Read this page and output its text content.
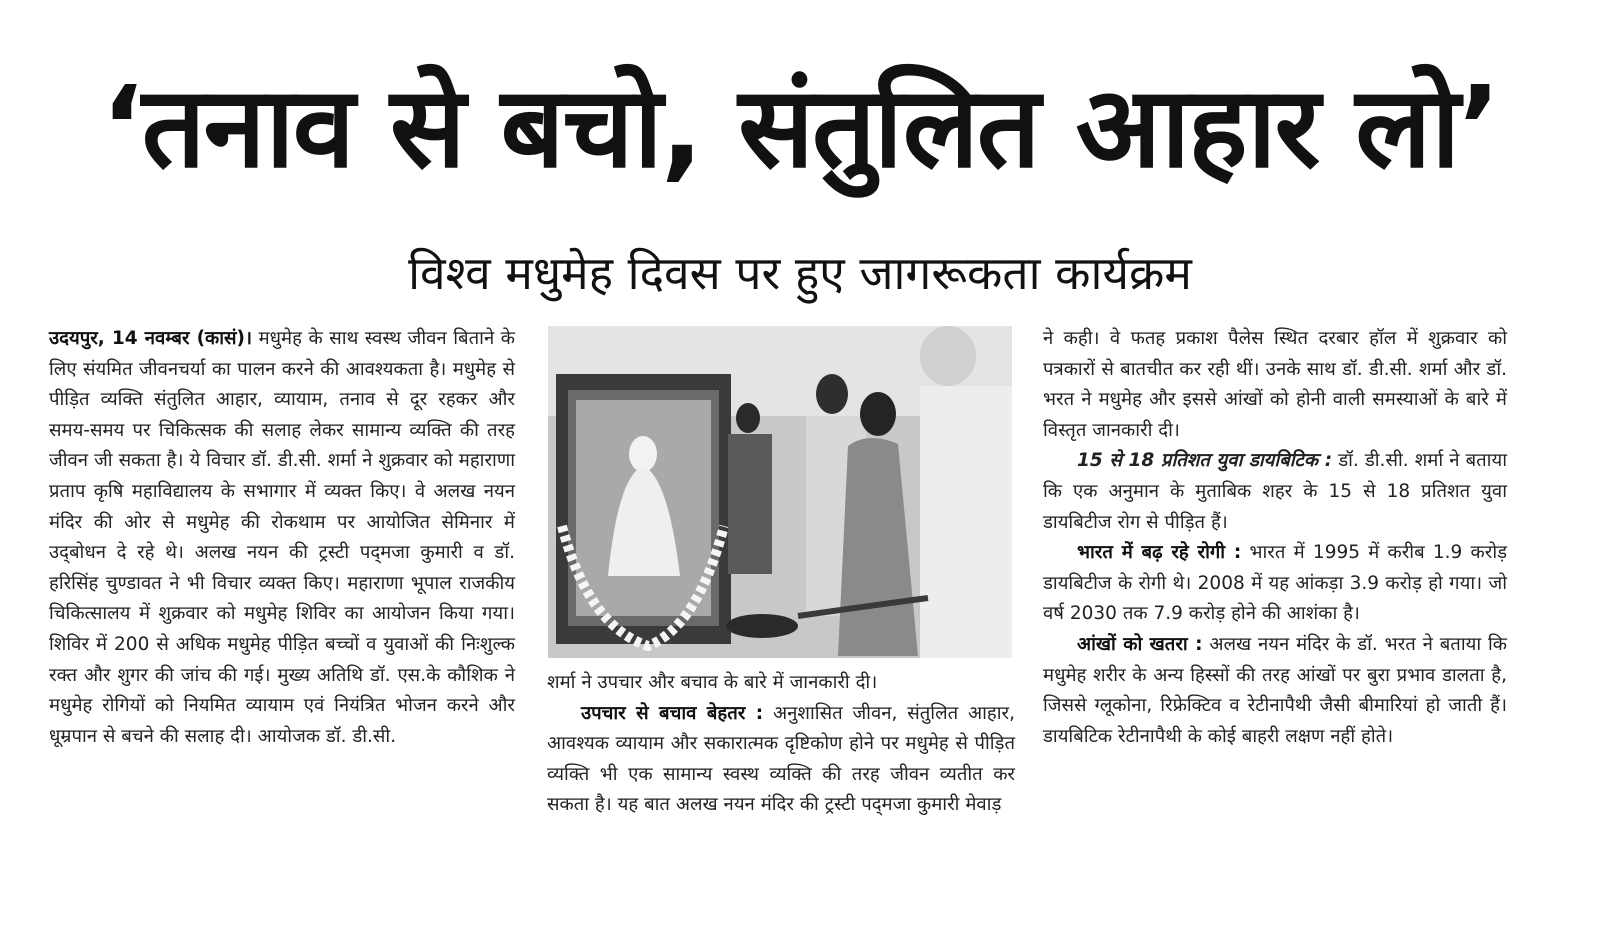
‘तनाव से बचो, संतुलित आहार लो’
विश्व मधुमेह दिवस पर हुए जागरूकता कार्यक्रम

उदयपुर, 14 नवम्बर (कासं)। मधुमेह के साथ स्वस्थ जीवन बिताने के लिए संयमित जीवनचर्या का पालन करने की आवश्यकता है। मधुमेह से पीड़ित व्यक्ति संतुलित आहार, व्यायाम, तनाव से दूर रहकर और समय-समय पर चिकित्सक की सलाह लेकर सामान्य व्यक्ति की तरह जीवन जी सकता है। ये विचार डॉ. डी.सी. शर्मा ने शुक्रवार को महाराणा प्रताप कृषि महाविद्यालय के सभागार में व्यक्त किए। वे अलख नयन मंदिर की ओर से मधुमेह की रोकथाम पर आयोजित सेमिनार में उद्‌बोधन दे रहे थे। अलख नयन की ट्रस्टी पद्‌मजा कुमारी व डॉ. हरिसिंह चुण्डावत ने भी विचार व्यक्त किए। महाराणा भूपाल राजकीय चिकित्सालय में शुक्रवार को मधुमेह शिविर का आयोजन किया गया। शिविर में 200 से अधिक मधुमेह पीड़ित बच्चों व युवाओं की निःशुल्क रक्त और शुगर की जांच की गई। मुख्य अतिथि डॉ. एस.के कौशिक ने मधुमेह रोगियों को नियमित व्यायाम एवं नियंत्रित भोजन करने और धूम्रपान से बचने की सलाह दी। आयोजक डॉ. डी.सी.

शर्मा ने उपचार और बचाव के बारे में जानकारी दी।

उपचार से बचाव बेहतर : अनुशासित जीवन, संतुलित आहार, आवश्यक व्यायाम और सकारात्मक दृष्टिकोण होने पर मधुमेह से पीड़ित व्यक्ति भी एक सामान्य स्वस्थ व्यक्ति की तरह जीवन व्यतीत कर सकता है। यह बात अलख नयन मंदिर की ट्रस्टी पद्‌मजा कुमारी मेवाड़

ने कही। वे फतह प्रकाश पैलेस स्थित दरबार हॉल में शुक्रवार को पत्रकारों से बातचीत कर रही थीं। उनके साथ डॉ. डी.सी. शर्मा और डॉ. भरत ने मधुमेह और इससे आंखों को होनी वाली समस्याओं के बारे में विस्तृत जानकारी दी।

15 से 18 प्रतिशत युवा डायबिटिक : डॉ. डी.सी. शर्मा ने बताया कि एक अनुमान के मुताबिक शहर के 15 से 18 प्रतिशत युवा डायबिटीज रोग से पीड़ित हैं।

भारत में बढ़ रहे रोगी : भारत में 1995 में करीब 1.9 करोड़ डायबिटीज के रोगी थे। 2008 में यह आंकड़ा 3.9 करोड़ हो गया। जो वर्ष 2030 तक 7.9 करोड़ होने की आशंका है।

आंखों को खतरा : अलख नयन मंदिर के डॉ. भरत ने बताया कि मधुमेह शरीर के अन्य हिस्सों की तरह आंखों पर बुरा प्रभाव डालता है, जिससे ग्लूकोना, रिफ्रेक्टिव व रेटीनापैथी जैसी बीमारियां हो जाती हैं। डायबिटिक रेटीनापैथी के कोई बाहरी लक्षण नहीं होते।
